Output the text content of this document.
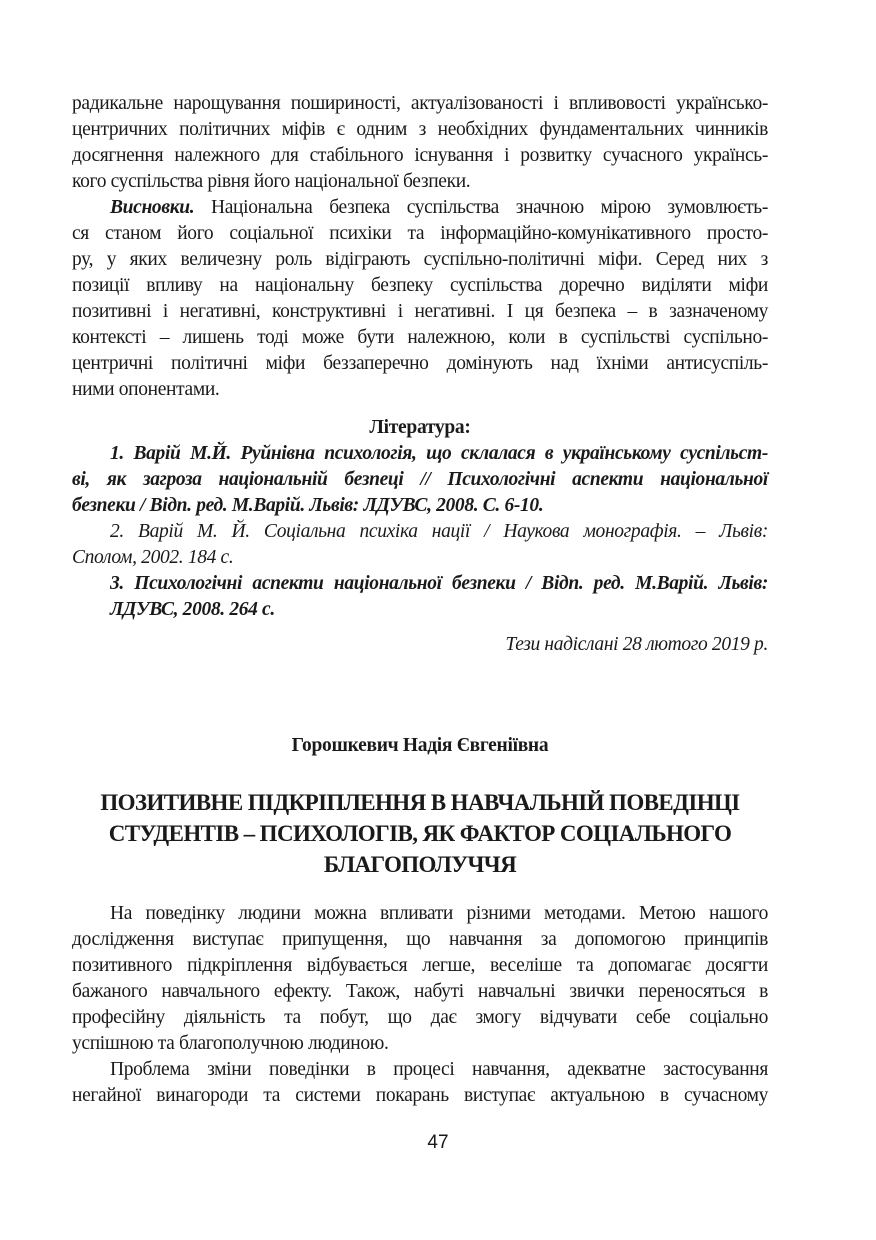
радикальне нарощування пошириності, актуалізованості і впливовості українсько-
центричних політичних міфів є одним з необхідних фундаментальних чинників
досягнення належного для стабільного існування і розвитку сучасного українсь-
кого суспільства рівня його національної безпеки.
Висновки. Національна безпека суспільства значною мірою зумовлюєть-
ся станом його соціальної психіки та інформаційно-комунікативного просто-
ру, у яких величезну роль відіграють суспільно-політичні міфи. Серед них з
позиції впливу на національну безпеку суспільства доречно виділяти міфи
позитивні і негативні, конструктивні і негативні. І ця безпека – в зазначеному
контексті – лишень тоді може бути належною, коли в суспільстві суспільно-
центричні політичні міфи беззаперечно домінують над їхніми антисуспіль-
ними опонентами.
Література:
1. Варій М.Й. Руйнівна психологія, що склалася в українському суспільст-
ві, як загроза національній безпеці // Психологічні аспекти національної
безпеки / Відп. ред. М.Варій. Львів: ЛДУВС, 2008. С. 6-10.
2. Варій М. Й. Соціальна психіка нації / Наукова монографія. – Львів:
Сполом, 2002. 184 с.
3. Психологічні аспекти національної безпеки / Відп. ред. М.Варій. Львів:
ЛДУВС, 2008. 264 с.
Тези надіслані 28 лютого 2019 р.
Горошкевич Надія Євгеніївна
ПОЗИТИВНЕ ПІДКРІПЛЕННЯ В НАВЧАЛЬНІЙ ПОВЕДІНЦІ
СТУДЕНТІВ – ПСИХОЛОГІВ, ЯК ФАКТОР СОЦІАЛЬНОГО
БЛАГОПОЛУЧЧЯ
На поведінку людини можна впливати різними методами. Метою нашого
дослідження виступає припущення, що навчання за допомогою принципів
позитивного підкріплення відбувається легше, веселіше та допомагає досягти
бажаного навчального ефекту. Також, набуті навчальні звички переносяться в
професійну діяльність та побут, що дає змогу відчувати себе соціально
успішною та благополучною людиною.
Проблема зміни поведінки в процесі навчання, адекватне застосування
негайної винагороди та системи покарань виступає актуальною в сучасному
47
